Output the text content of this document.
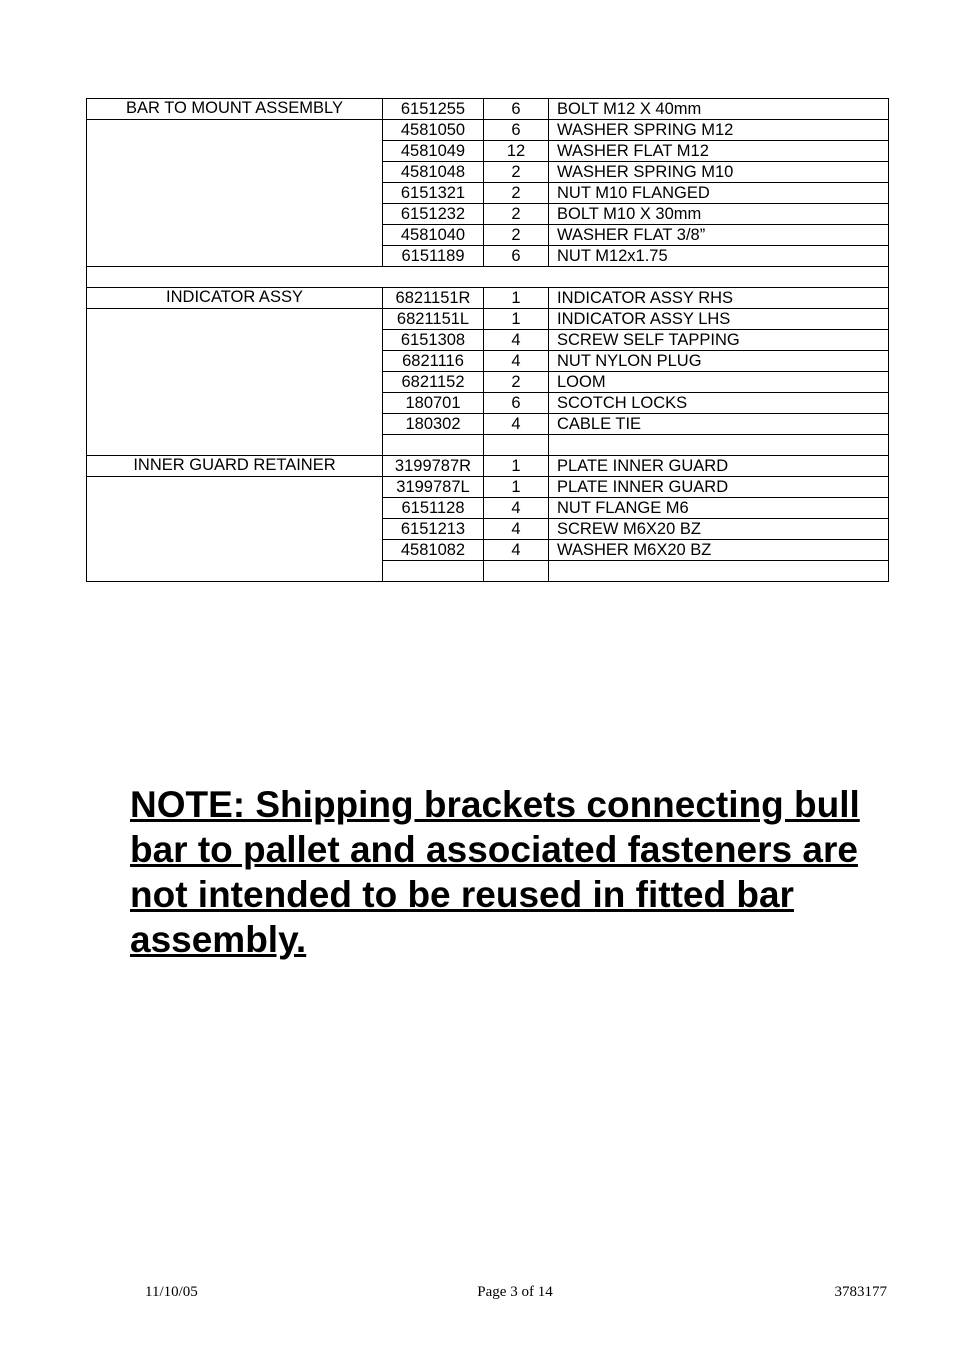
BAR TO MOUNT ASSEMBLY	6151255	6	BOLT M12 X 40mm
	4581050	6	WASHER SPRING M12
	4581049	12	WASHER FLAT M12
	4581048	2	WASHER SPRING M10
	6151321	2	NUT M10 FLANGED
	6151232	2	BOLT M10 X 30mm
	4581040	2	WASHER FLAT 3/8”
	6151189	6	NUT M12x1.75

INDICATOR ASSY	6821151R	1	INDICATOR ASSY RHS
	6821151L	1	INDICATOR ASSY LHS
	6151308	4	SCREW SELF TAPPING
	6821116	4	NUT NYLON PLUG
	6821152	2	LOOM
	180701	6	SCOTCH LOCKS
	180302	4	CABLE TIE

INNER GUARD RETAINER	3199787R	1	PLATE INNER GUARD
	3199787L	1	PLATE INNER GUARD
	6151128	4	NUT FLANGE M6
	6151213	4	SCREW M6X20 BZ
	4581082	4	WASHER M6X20 BZ

NOTE: Shipping brackets connecting bull bar to pallet and associated fasteners are not intended to be reused in fitted bar assembly.

11/10/05	Page 3 of 14	3783177
